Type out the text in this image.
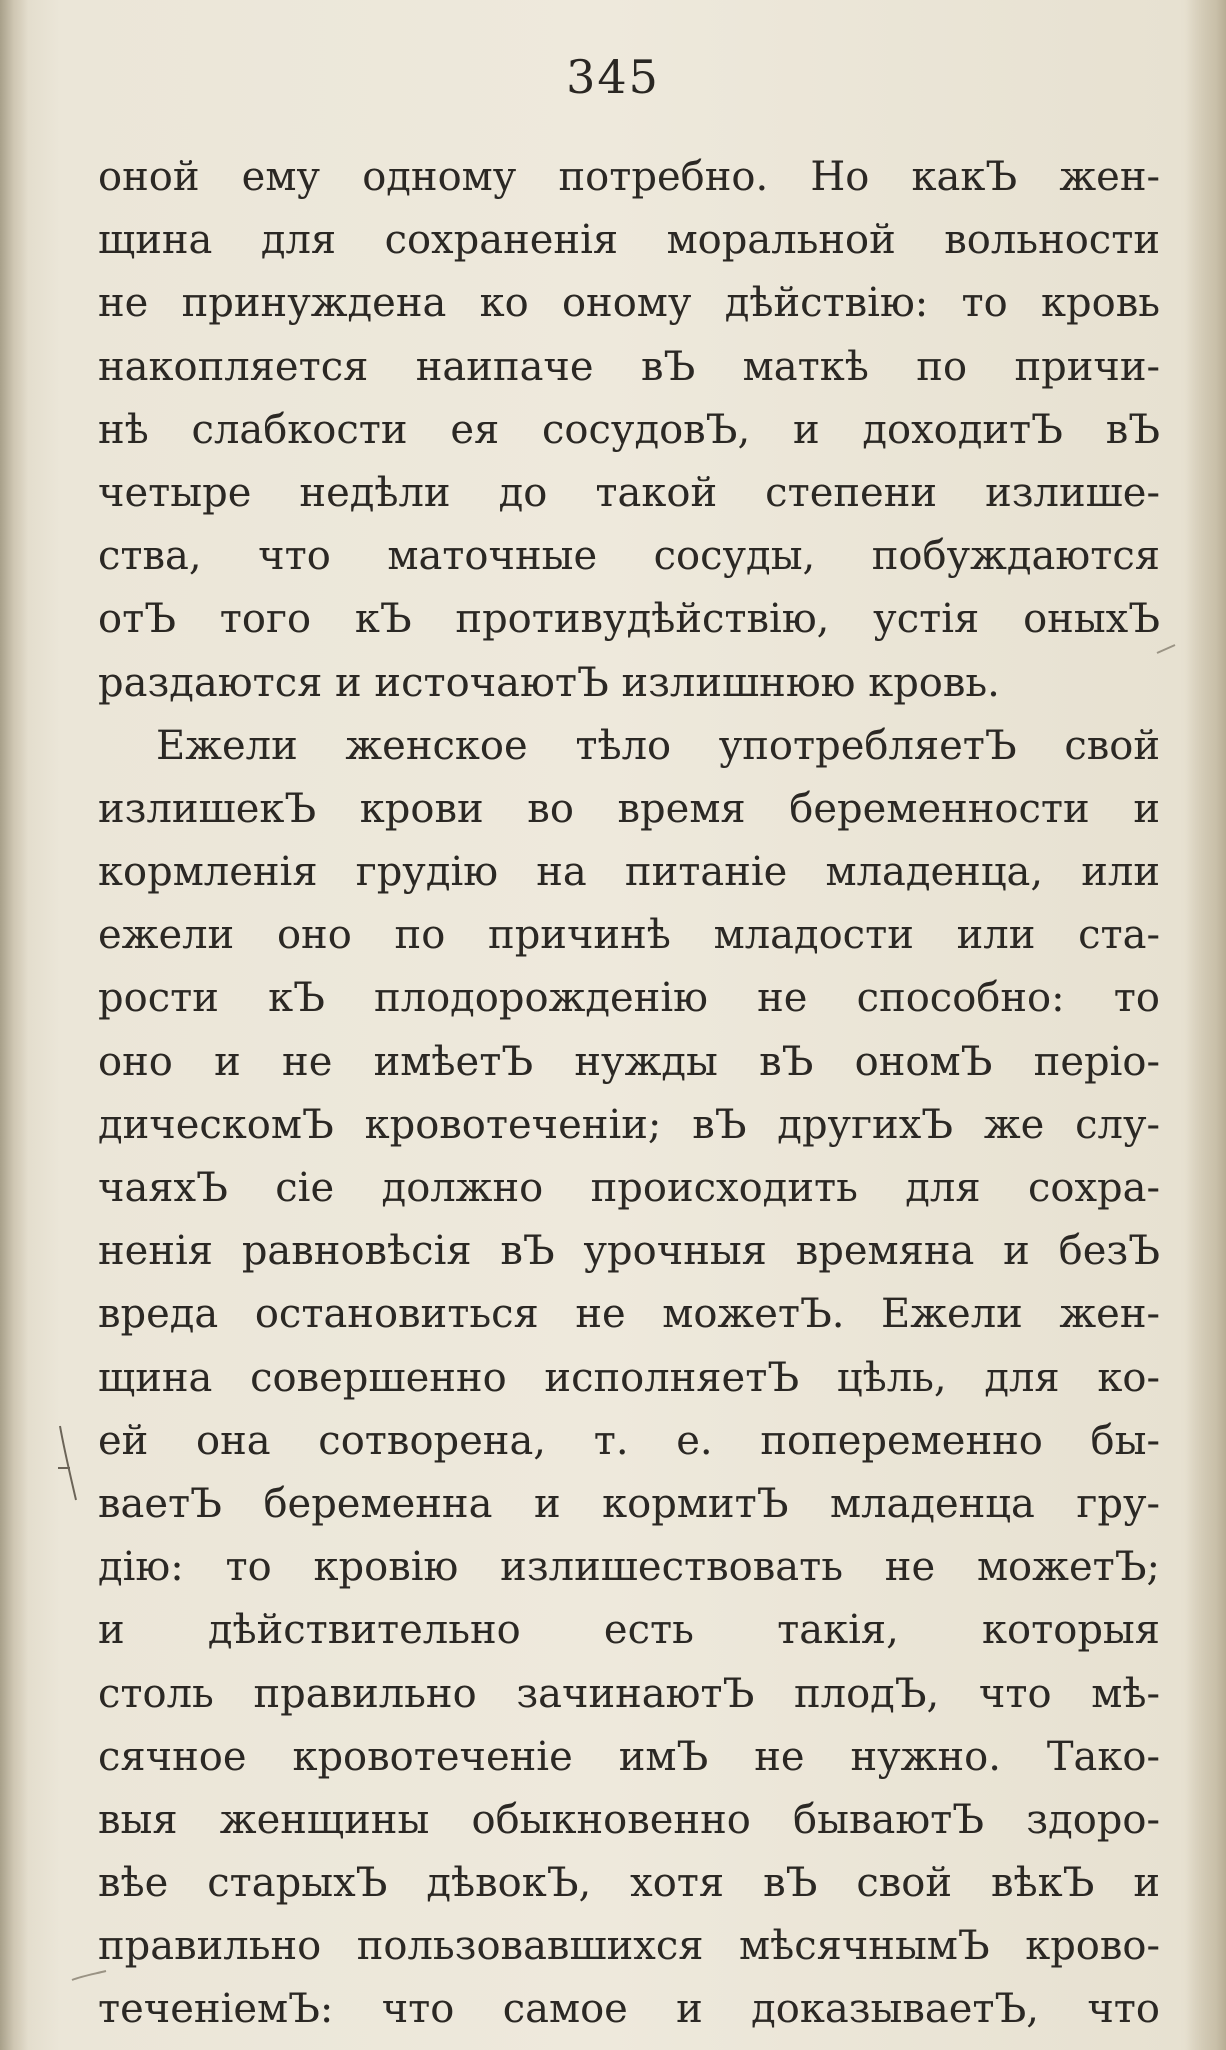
345
оной ему одному потребно. Но какЪ жен-
щина для сохраненія моральной вольности
не принуждена ко оному дѣйствію: то кровь
накопляется наипаче вЪ маткѣ по причи-
нѣ слабкости ея сосудовЪ, и доходитЪ вЪ
четыре недѣли до такой степени излише-
ства, что маточные сосуды, побуждаются
отЪ того кЪ противудѣйствію, устія оныхЪ
раздаются и источаютЪ излишнюю кровь.
Ежели женское тѣло употребляетЪ свой
излишекЪ крови во время беременности и
кормленія грудію на питаніе младенца, или
ежели оно по причинѣ младости или ста-
рости кЪ плодорожденію не способно: то
оно и не имѣетЪ нужды вЪ ономЪ періо-
дическомЪ кровотеченіи; вЪ другихЪ же слу-
чаяхЪ сіе должно происходить для сохра-
ненія равновѣсія вЪ урочныя времяна и безЪ
вреда остановиться не можетЪ. Ежели жен-
щина совершенно исполняетЪ цѣль, для ко-
ей она сотворена, т. е. попеременно бы-
ваетЪ беременна и кормитЪ младенца гру-
дію: то кровію излишествовать не можетЪ;
и дѣйствительно есть такія, которыя
столь правильно зачинаютЪ плодЪ, что мѣ-
сячное кровотеченіе имЪ не нужно. Тако-
выя женщины обыкновенно бываютЪ здоро-
вѣе старыхЪ дѣвокЪ, хотя вЪ свой вѣкЪ и
правильно пользовавшихся мѣсячнымЪ крово-
теченіемЪ: что самое и доказываетЪ, что
